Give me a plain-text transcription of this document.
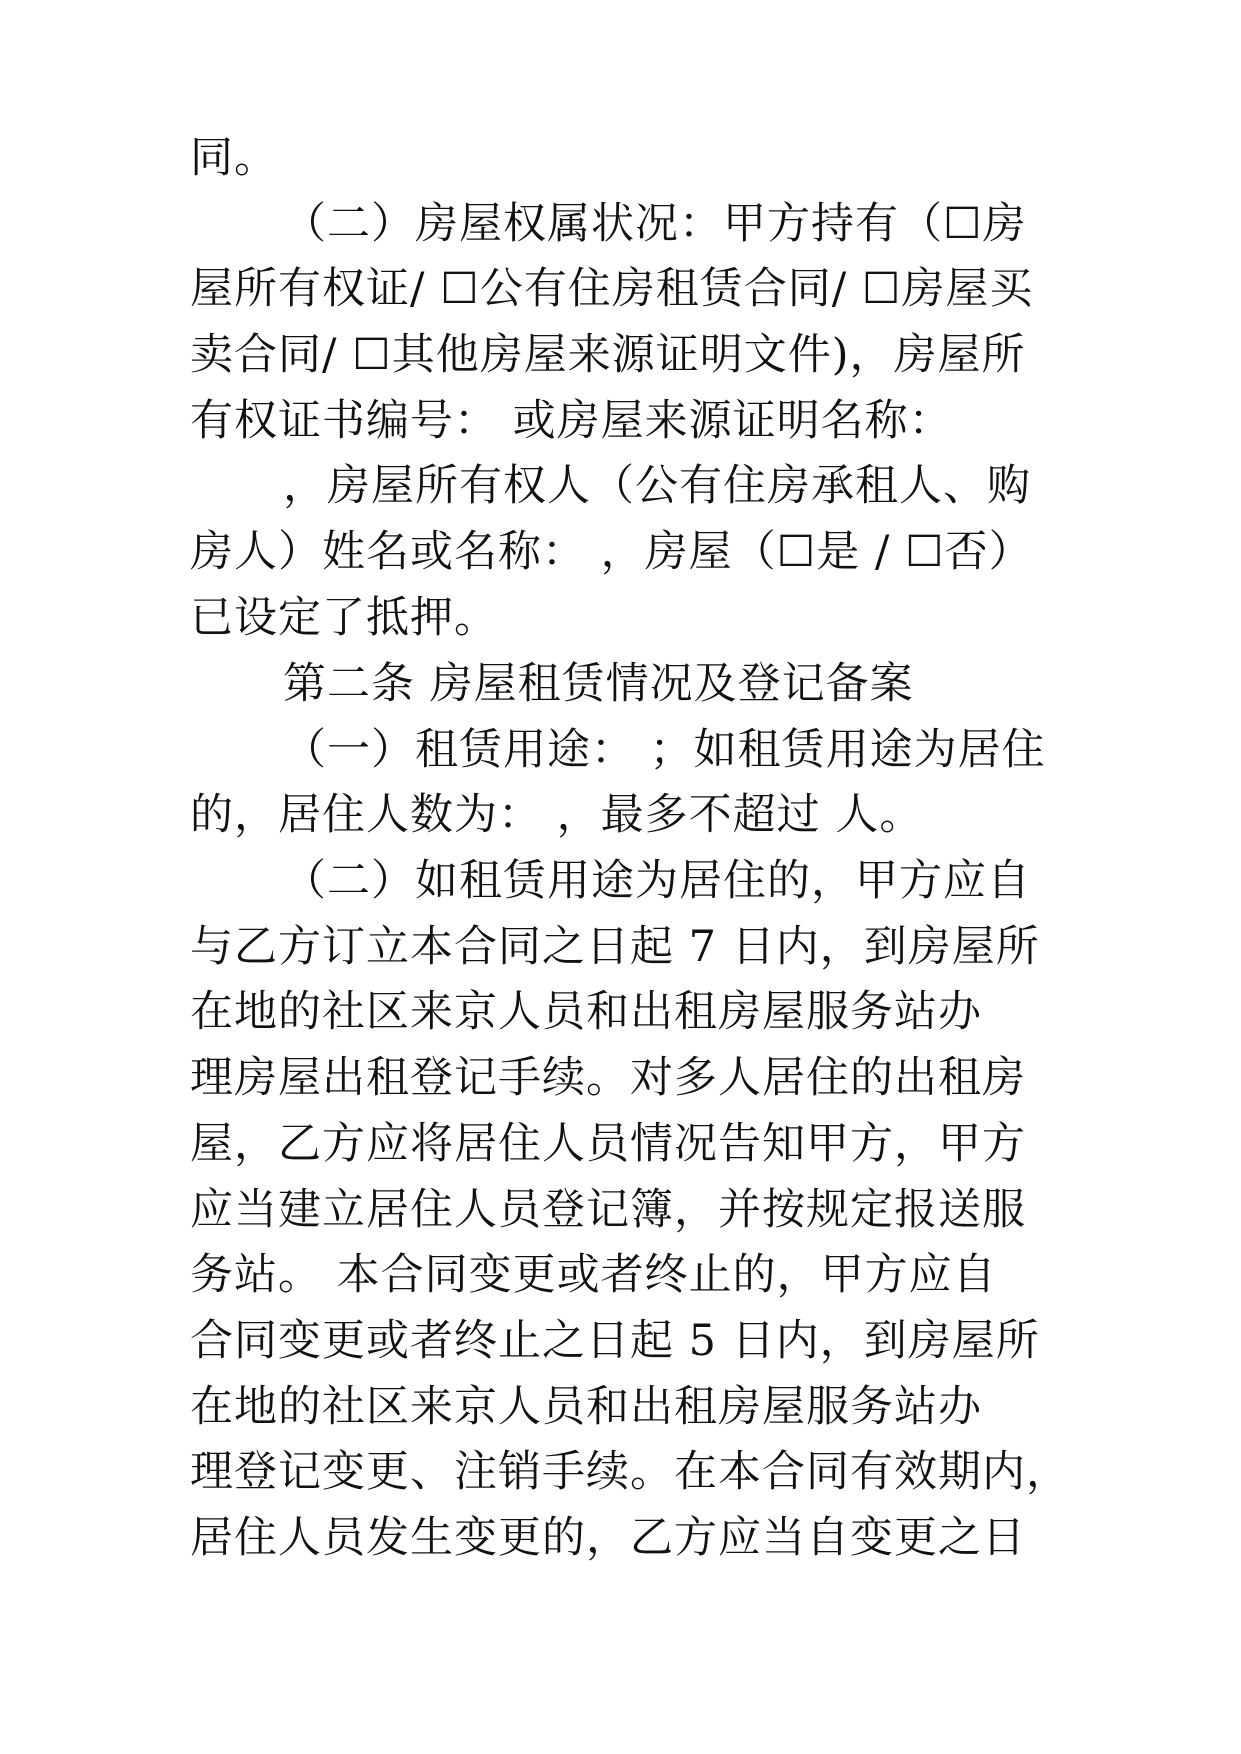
同。
（二）房屋权属状况：甲方持有（☐房
屋所有权证/ ☐公有住房租赁合同/ ☐房屋买
卖合同/ ☐其他房屋来源证明文件)，房屋所
有权证书编号： 或房屋来源证明名称：
，房屋所有权人（公有住房承租人、购
房人）姓名或名称： ，房屋（☐是 / ☐否）
已设定了抵押。
第二条 房屋租赁情况及登记备案
（一）租赁用途： ；如租赁用途为居住
的，居住人数为： ，最多不超过 人。
（二）如租赁用途为居住的，甲方应自
与乙方订立本合同之日起 7 日内，到房屋所
在地的社区来京人员和出租房屋服务站办
理房屋出租登记手续。对多人居住的出租房
屋，乙方应将居住人员情况告知甲方，甲方
应当建立居住人员登记簿，并按规定报送服
务站。 本合同变更或者终止的，甲方应自
合同变更或者终止之日起 5 日内，到房屋所
在地的社区来京人员和出租房屋服务站办
理登记变更、注销手续。在本合同有效期内，
居住人员发生变更的，乙方应当自变更之日
